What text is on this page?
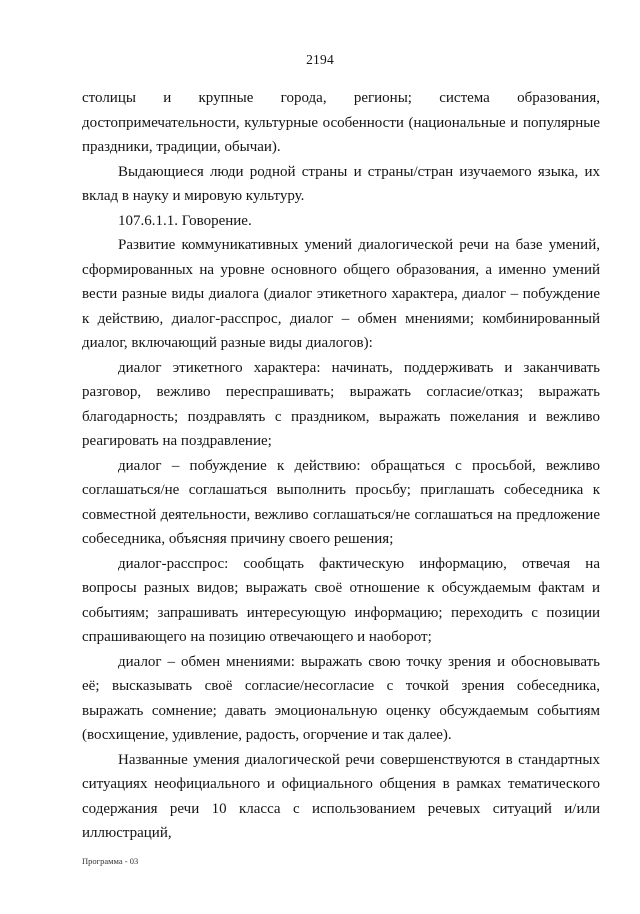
2194

столицы и крупные города, регионы; система образования, достопримечательности, культурные особенности (национальные и популярные праздники, традиции, обычаи).

Выдающиеся люди родной страны и страны/стран изучаемого языка, их вклад в науку и мировую культуру.

107.6.1.1. Говорение.

Развитие коммуникативных умений диалогической речи на базе умений, сформированных на уровне основного общего образования, а именно умений вести разные виды диалога (диалог этикетного характера, диалог – побуждение к действию, диалог-расспрос, диалог – обмен мнениями; комбинированный диалог, включающий разные виды диалогов):

диалог этикетного характера: начинать, поддерживать и заканчивать разговор, вежливо переспрашивать; выражать согласие/отказ; выражать благодарность; поздравлять с праздником, выражать пожелания и вежливо реагировать на поздравление;

диалог – побуждение к действию: обращаться с просьбой, вежливо соглашаться/не соглашаться выполнить просьбу; приглашать собеседника к совместной деятельности, вежливо соглашаться/не соглашаться на предложение собеседника, объясняя причину своего решения;

диалог-расспрос: сообщать фактическую информацию, отвечая на вопросы разных видов; выражать своё отношение к обсуждаемым фактам и событиям; запрашивать интересующую информацию; переходить с позиции спрашивающего на позицию отвечающего и наоборот;

диалог – обмен мнениями: выражать свою точку зрения и обосновывать её; высказывать своё согласие/несогласие с точкой зрения собеседника, выражать сомнение; давать эмоциональную оценку обсуждаемым событиям (восхищение, удивление, радость, огорчение и так далее).

Названные умения диалогической речи совершенствуются в стандартных ситуациях неофициального и официального общения в рамках тематического содержания речи 10 класса с использованием речевых ситуаций и/или иллюстраций,

Программа - 03
